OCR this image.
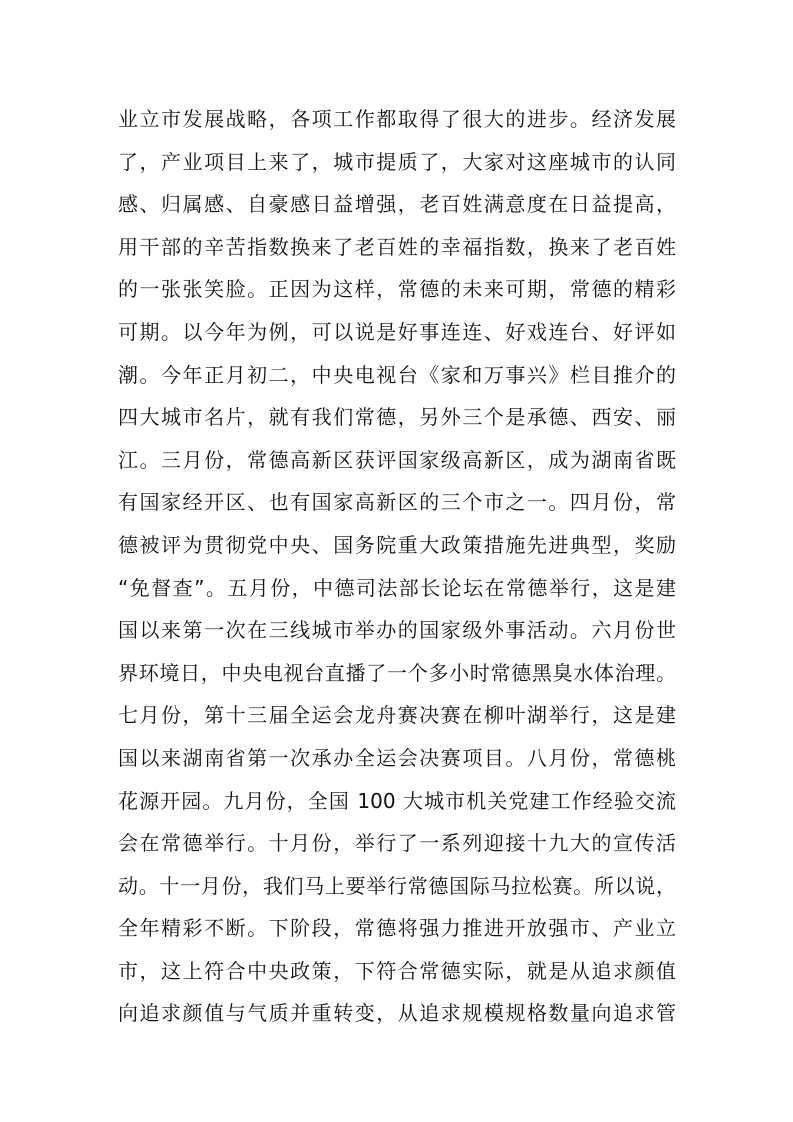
业立市发展战略，各项工作都取得了很大的进步。经济发展
了，产业项目上来了，城市提质了，大家对这座城市的认同
感、归属感、自豪感日益增强，老百姓满意度在日益提高，
用干部的辛苦指数换来了老百姓的幸福指数，换来了老百姓
的一张张笑脸。正因为这样，常德的未来可期，常德的精彩
可期。以今年为例，可以说是好事连连、好戏连台、好评如
潮。今年正月初二，中央电视台《家和万事兴》栏目推介的
四大城市名片，就有我们常德，另外三个是承德、西安、丽
江。三月份，常德高新区获评国家级高新区，成为湖南省既
有国家经开区、也有国家高新区的三个市之一。四月份，常
德被评为贯彻党中央、国务院重大政策措施先进典型，奖励
“免督查”。五月份，中德司法部长论坛在常德举行，这是建
国以来第一次在三线城市举办的国家级外事活动。六月份世
界环境日，中央电视台直播了一个多小时常德黑臭水体治理。
七月份，第十三届全运会龙舟赛决赛在柳叶湖举行，这是建
国以来湖南省第一次承办全运会决赛项目。八月份，常德桃
花源开园。九月份，全国 100 大城市机关党建工作经验交流
会在常德举行。十月份，举行了一系列迎接十九大的宣传活
动。十一月份，我们马上要举行常德国际马拉松赛。所以说，
全年精彩不断。下阶段，常德将强力推进开放强市、产业立
市，这上符合中央政策，下符合常德实际，就是从追求颜值
向追求颜值与气质并重转变，从追求规模规格数量向追求管
